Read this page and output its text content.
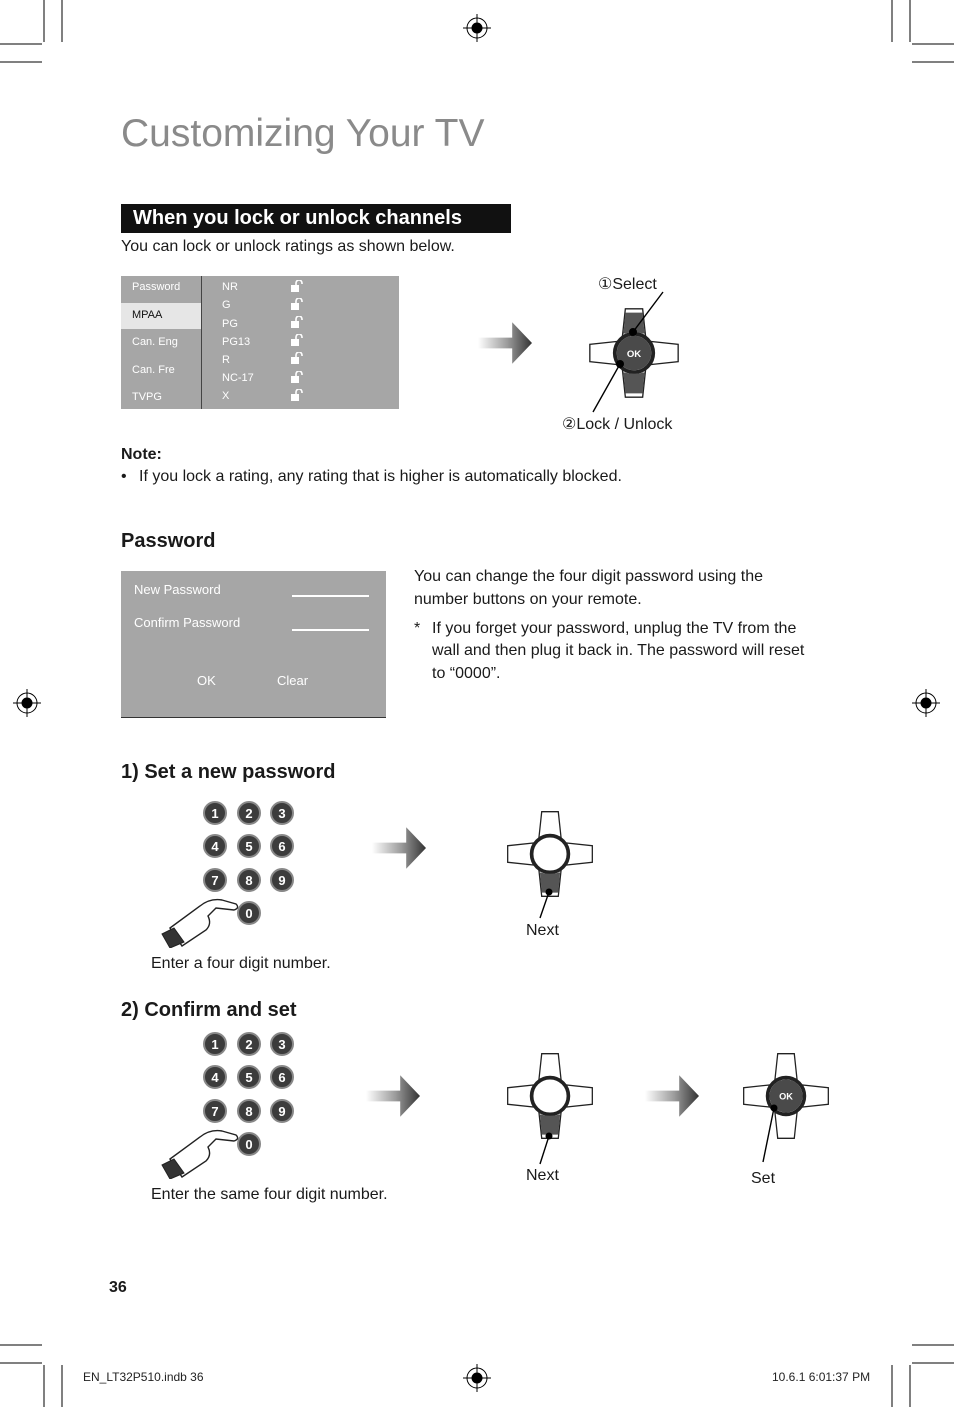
Customizing Your TV
When you lock or unlock channels
You can lock or unlock ratings as shown below.
Password
MPAA
Can. Eng
Can. Fre
TVPG
NR
G
PG
PG13
R
NC-17
X
OK
①Select
②Lock / Unlock
Note:
• If you lock a rating, any rating that is higher is automatically blocked.
Password
New Password
Confirm Password
OK	Clear
You can change the four digit password using the
number buttons on your remote.
* If you forget your password, unplug the TV from the
wall and then plug it back in. The password will reset
to “0000”.
1) Set a new password
1 2 3
4 5 6
7 8 9
0
Next
Enter a four digit number.
2) Confirm and set
1 2 3
4 5 6
7 8 9
0
Next
OK
Set
Enter the same four digit number.
36
EN_LT32P510.indb 36	10.6.1 6:01:37 PM
